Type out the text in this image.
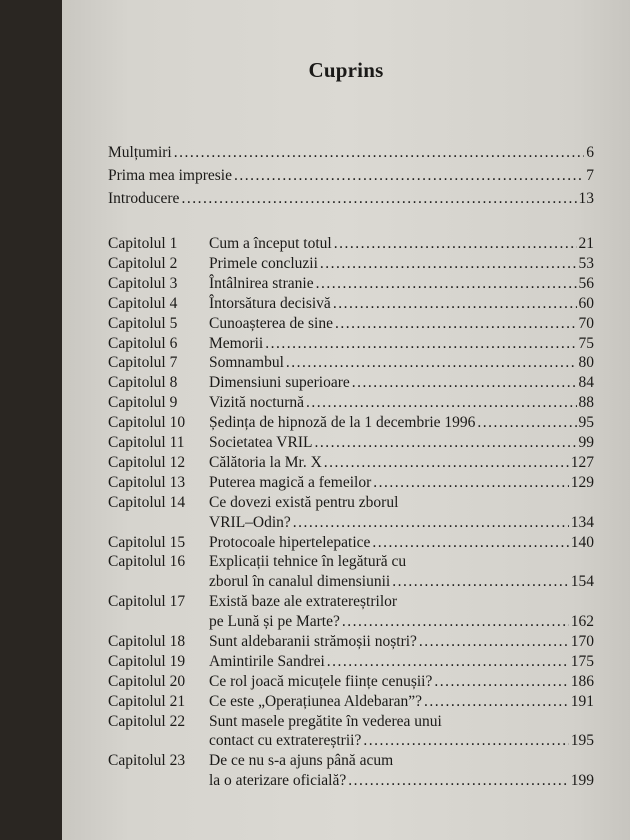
Cuprins
Mulțumiri .....	6
Prima mea impresie .....	7
Introducere .....	13
Capitolul 1 Cum a început totul .....	21
Capitolul 2 Primele concluzii .....	53
Capitolul 3 Întâlnirea stranie .....	56
Capitolul 4 Întorsătura decisivă .....	60
Capitolul 5 Cunoașterea de sine .....	70
Capitolul 6 Memorii .....	75
Capitolul 7 Somnambul .....	80
Capitolul 8 Dimensiuni superioare .....	84
Capitolul 9 Vizită nocturnă .....	88
Capitolul 10 Ședința de hipnoză de la 1 decembrie 1996 .....	95
Capitolul 11 Societatea VRIL .....	99
Capitolul 12 Călătoria la Mr. X .....	127
Capitolul 13 Puterea magică a femeilor .....	129
Capitolul 14 Ce dovezi există pentru zborul
VRIL–Odin? .....	134
Capitolul 15 Protocoale hipertelepatice .....	140
Capitolul 16 Explicații tehnice în legătură cu
zborul în canalul dimensiunii .....	154
Capitolul 17 Există baze ale extratereștrilor
pe Lună și pe Marte? .....	162
Capitolul 18 Sunt aldebaranii strămoșii noștri? .....	170
Capitolul 19 Amintirile Sandrei .....	175
Capitolul 20 Ce rol joacă micuțele ființe cenușii? .....	186
Capitolul 21 Ce este „Operațiunea Aldebaran”? .....	191
Capitolul 22 Sunt masele pregătite în vederea unui
contact cu extratereștrii? .....	195
Capitolul 23 De ce nu s-a ajuns până acum
la o aterizare oficială? .....	199
